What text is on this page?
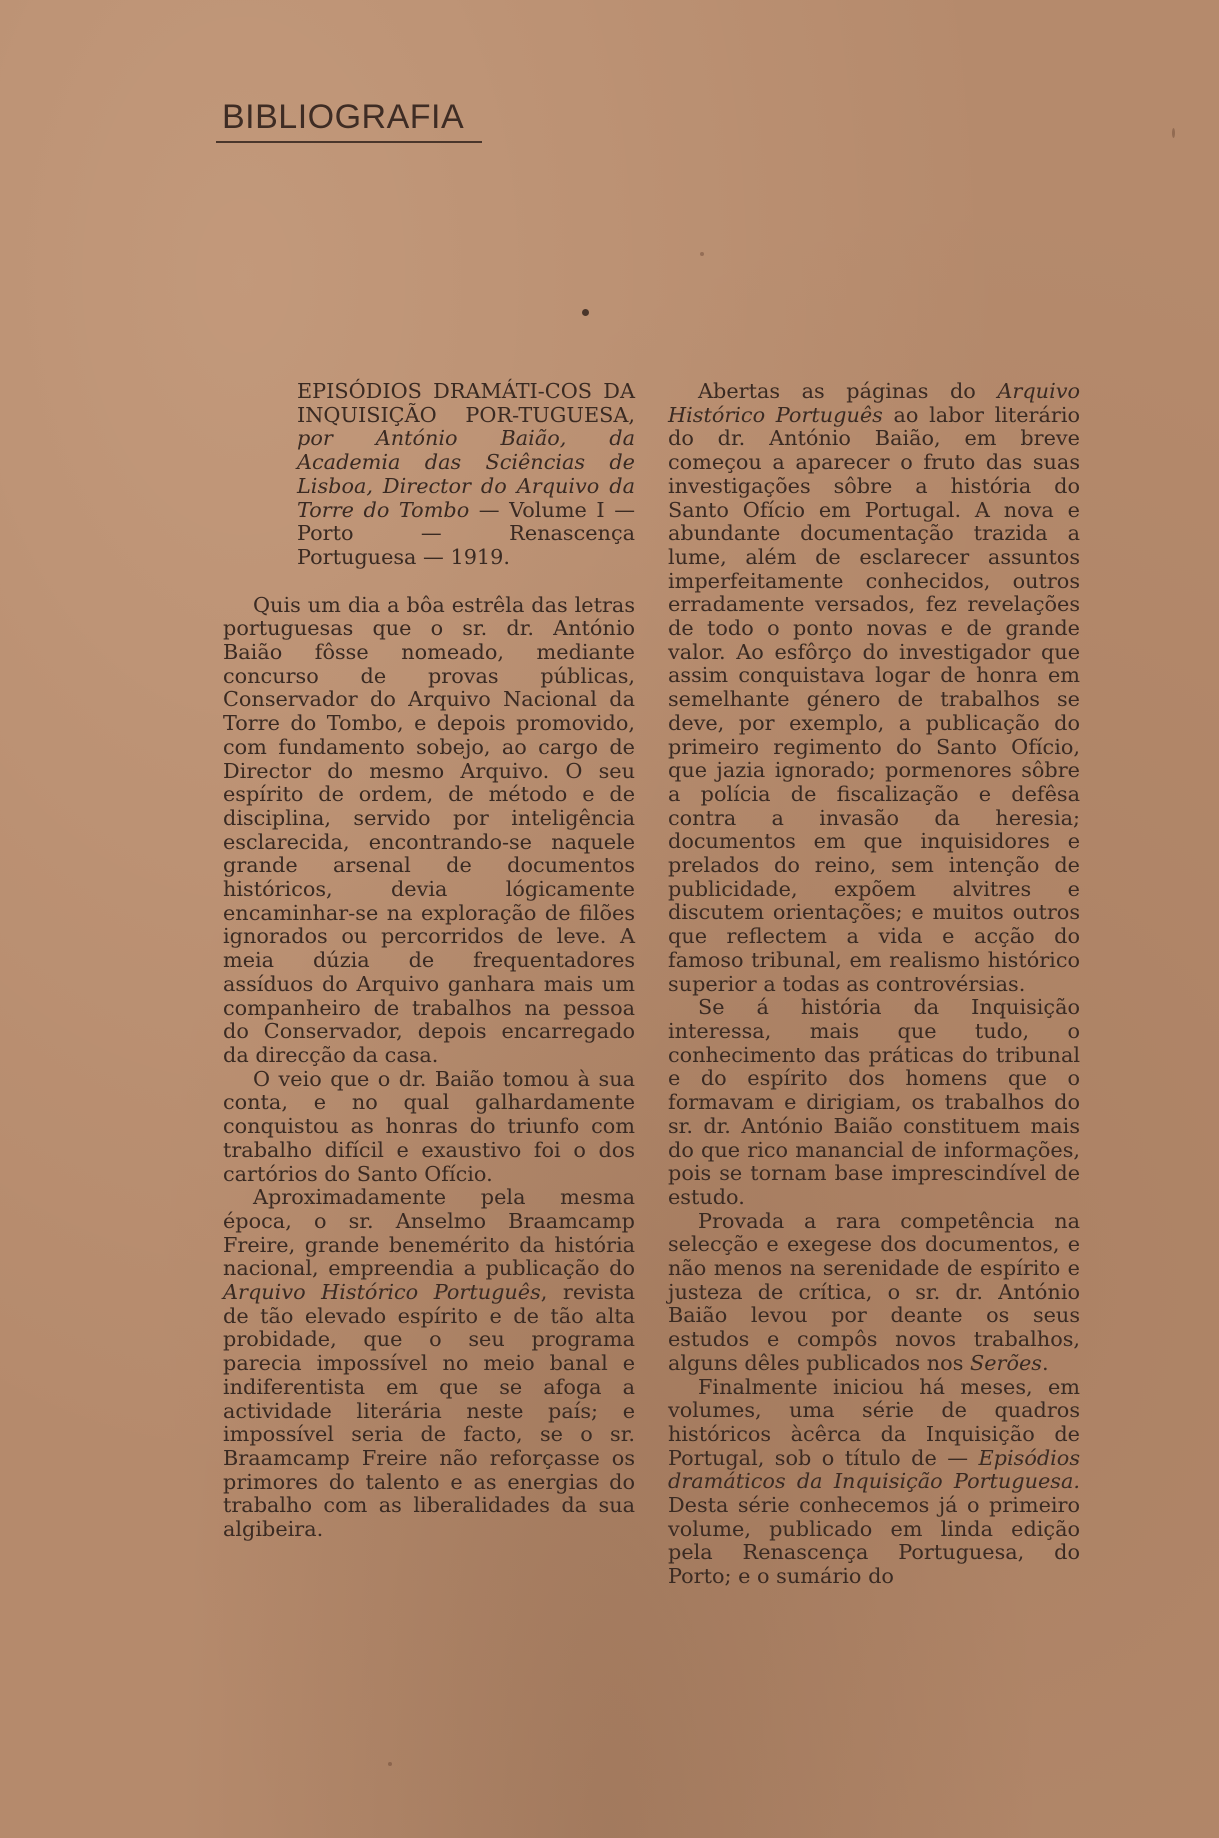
BIBLIOGRAFIA

EPISÓDIOS DRAMÁTI-COS DA INQUISIÇÃO POR-TUGUESA, por António Baião, da Academia das Sciências de Lisboa, Director do Arquivo da Torre do Tombo — Volume I — Porto — Renascença Portuguesa — 1919.

Quis um dia a bôa estrêla das letras portuguesas que o sr. dr. António Baião fôsse nomeado, mediante concurso de provas públicas, Conservador do Arquivo Nacional da Torre do Tombo, e depois promovido, com fundamento sobejo, ao cargo de Director do mesmo Arquivo. O seu espírito de ordem, de método e de disciplina, servido por inteligência esclarecida, encontrando-se naquele grande arsenal de documentos históricos, devia lógicamente encaminhar-se na exploração de filões ignorados ou percorridos de leve. A meia dúzia de frequentadores assíduos do Arquivo ganhara mais um companheiro de trabalhos na pessoa do Conservador, depois encarregado da direcção da casa.

O veio que o dr. Baião tomou à sua conta, e no qual galhardamente conquistou as honras do triunfo com trabalho difícil e exaustivo foi o dos cartórios do Santo Ofício.

Aproximadamente pela mesma época, o sr. Anselmo Braamcamp Freire, grande benemérito da história nacional, empreendia a publicação do Arquivo Histórico Português, revista de tão elevado espírito e de tão alta probidade, que o seu programa parecia impossível no meio banal e indiferentista em que se afoga a actividade literária neste país; e impossível seria de facto, se o sr. Braamcamp Freire não reforçasse os primores do talento e as energias do trabalho com as liberalidades da sua algibeira.

Abertas as páginas do Arquivo Histórico Português ao labor literário do dr. António Baião, em breve começou a aparecer o fruto das suas investigações sôbre a história do Santo Ofício em Portugal. A nova e abundante documentação trazida a lume, além de esclarecer assuntos imperfeitamente conhecidos, outros erradamente versados, fez revelações de todo o ponto novas e de grande valor. Ao esfôrço do investigador que assim conquistava logar de honra em semelhante género de trabalhos se deve, por exemplo, a publicação do primeiro regimento do Santo Ofício, que jazia ignorado; pormenores sôbre a polícia de fiscalização e defêsa contra a invasão da heresia; documentos em que inquisidores e prelados do reino, sem intenção de publicidade, expõem alvitres e discutem orientações; e muitos outros que reflectem a vida e acção do famoso tribunal, em realismo histórico superior a todas as controvérsias.

Se á história da Inquisição interessa, mais que tudo, o conhecimento das práticas do tribunal e do espírito dos homens que o formavam e dirigiam, os trabalhos do sr. dr. António Baião constituem mais do que rico manancial de informações, pois se tornam base imprescindível de estudo.

Provada a rara competência na selecção e exegese dos documentos, e não menos na serenidade de espírito e justeza de crítica, o sr. dr. António Baião levou por deante os seus estudos e compôs novos trabalhos, alguns dêles publicados nos Serões.

Finalmente iniciou há meses, em volumes, uma série de quadros históricos àcêrca da Inquisição de Portugal, sob o título de — Episódios dramáticos da Inquisição Portuguesa. Desta série conhecemos já o primeiro volume, publicado em linda edição pela Renascença Portuguesa, do Porto; e o sumário do
